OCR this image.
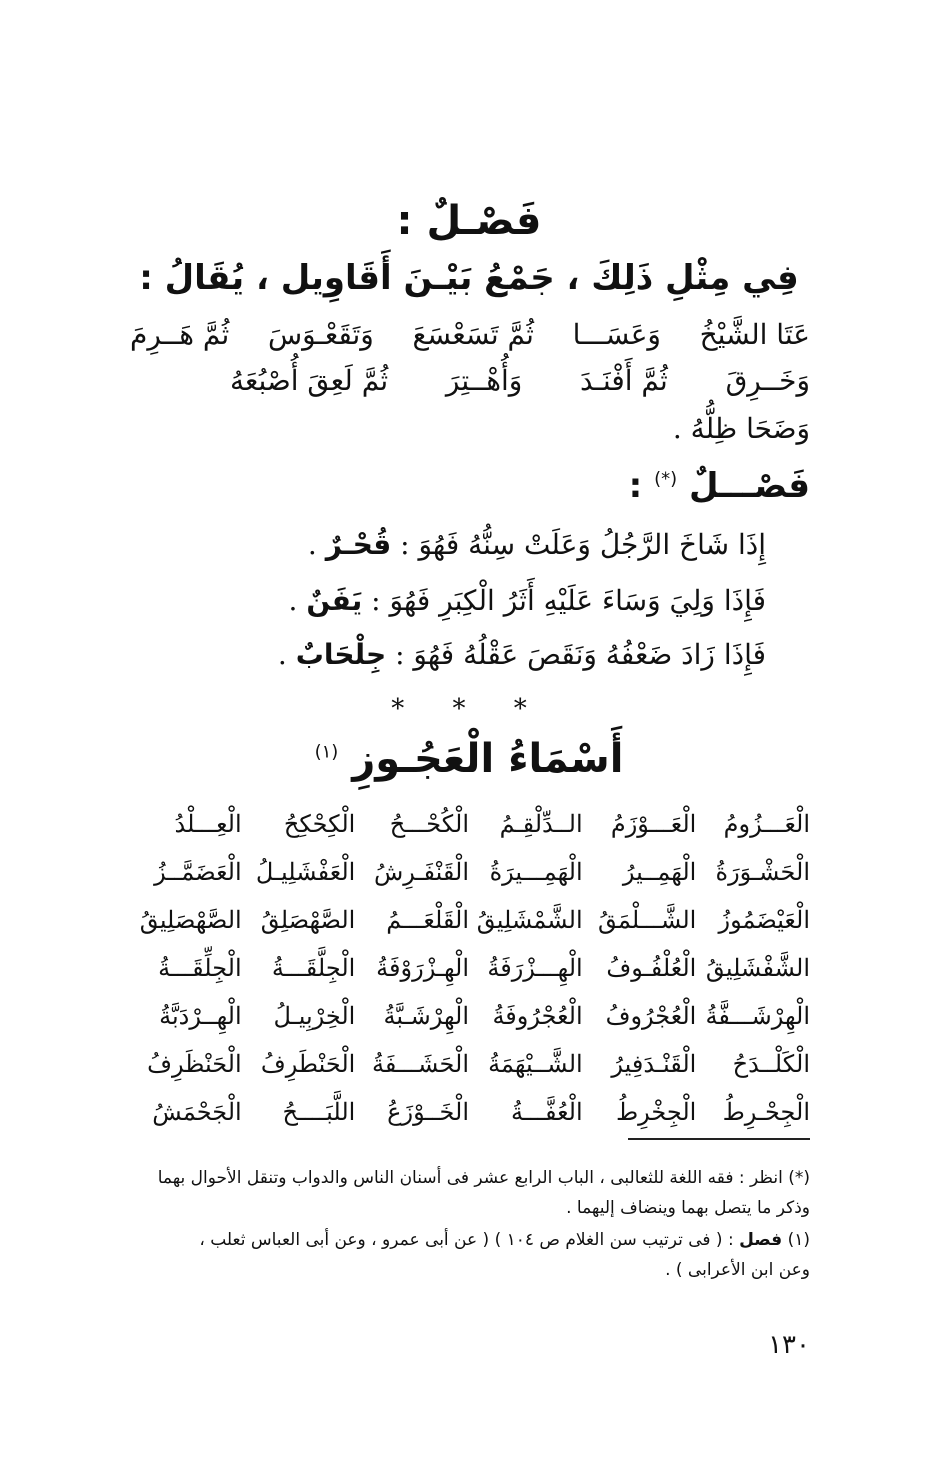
فَصْـلٌ :
فِي مِثْلِ ذَلِكَ ، جَمْعُ بَيْـنَ أَقَاوِيل ، يُقَالُ :
عَتَا الشَّيْخُ
وَعَسَـــا
ثُمَّ تَسَعْسَعَ
وَتَقَعْـوَسَ
ثُمَّ هَــرِمَ
وَخَــرِقَ
ثُمَّ أَفْنَـدَ
وَأُهْــتِرَ
ثُمَّ لَعِقَ أُصْبُعَهُ
وَضَحَا ظِلُّهُ .
فَصْـــلٌ (*) :
إِذَا شَاخَ الرَّجُلُ وَعَلَتْ سِنُّهُ فَهُوَ : قُحْـرٌ .
فَإِذَا وَلِيَ وَسَاءَ عَلَيْهِ أَثَرُ الْكِبَرِ فَهُوَ : يَفَنٌ .
فَإِذَا زَادَ ضَعْفُهُ وَنَقَصَ عَقْلُهُ فَهُوَ : جِلْحَابٌ .
* * *
أَسْمَاءُ الْعَجُـوزِ $^{(١)}$
الْعَـــزُومُ
الْعَـــوْزَمُ
الــدِّلْقِـمُ
الْكُحْـــحُ
الْكِحْكِحُ
الْعِـــلْدُ
الْحَشْـوَرَةُ
الْهَمِــيرُ
الْهَمِـــيرَةُ
الْقَنْفَـرِشُ
الْعَفْشَلِيـلُ
الْعَضَمَّــزُ
الْعَيْضَمُوزُ
الشَّـــلْمَقُ
الشَّمْشَلِيقُ
الْقَلْعَـــمُ
الصَّهْصَلِقُ
الصَّهْصَلِيقُ
الشَّفْشَلِيقُ
الْعُلْفُـوفُ
الْهِـــزْرَفَةُ
الْهِـزْرَوْفَةُ
الْجِلَّقَـــةُ
الْجِلِّقَـــةُ
الْهِرْشَـــفَّةُ
الْعُجْرُوفُ
الْعُجْرُوفَةُ
الْهِرْشَـبَّةُ
الْخِرْبِيـلُ
الْهِــرْدَبَّةُ
الْكَلْــدَحُ
الْقَنْـدَفِيرُ
الشَّــيْهَمَةُ
الْحَشَـــفَةُ
الْحَنْطَرِفُ
الْحَنْظَرِفُ
الْجِحْـرِطُ
الْجِخْرِطُ
الْعُفَّـــةُ
الْخَــوْزَعُ
اللَّبَــــحُ
الْجَحْمَشُ
(*) انظر : فقه اللغة للثعالبى ، الباب الرابع عشر فى أسنان الناس والدواب وتنقل الأحوال بهما
وذكر ما يتصل بهما وينضاف إليهما .
(١) فصل : ( فى ترتيب سن الغلام ص ١٠٤ ) ( عن أبى عمرو ، وعن أبى العباس ثعلب ،
وعن ابن الأعرابى ) .
١٣٠
